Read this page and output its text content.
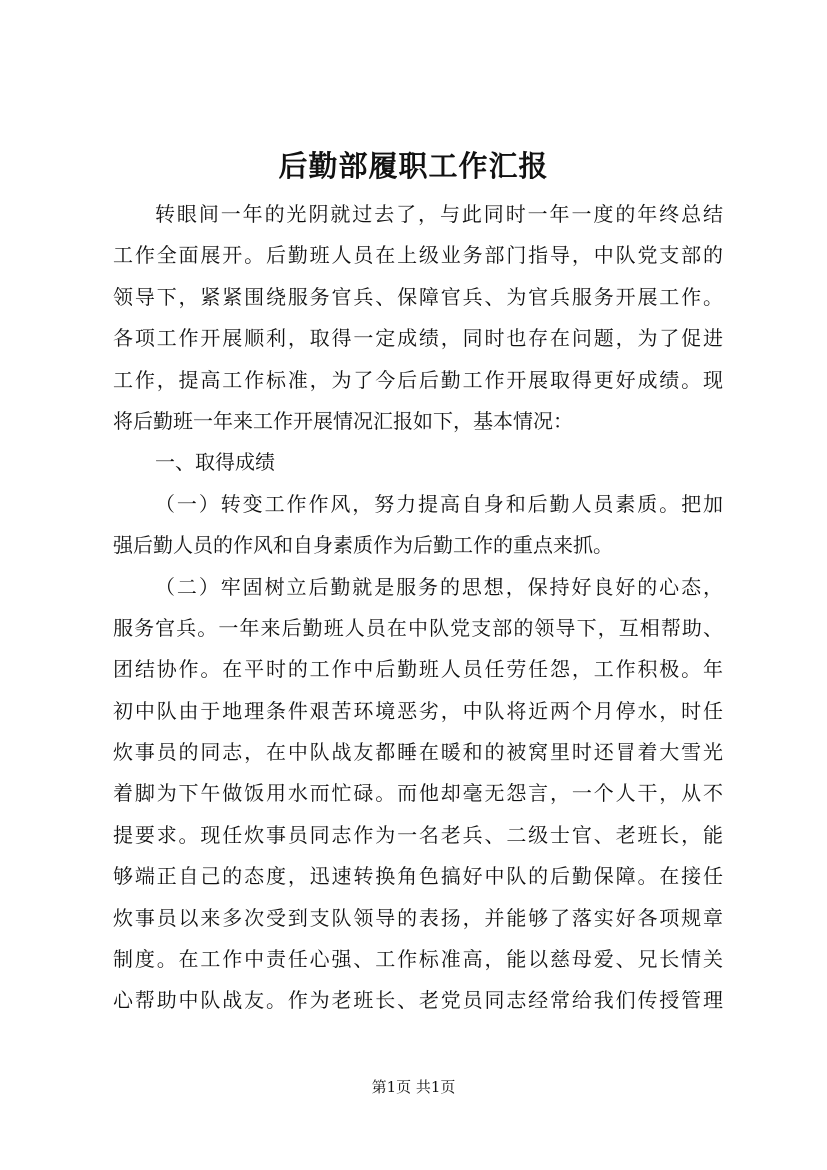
后勤部履职工作汇报
转眼间一年的光阴就过去了，与此同时一年一度的年终总结
工作全面展开。后勤班人员在上级业务部门指导，中队党支部的
领导下，紧紧围绕服务官兵、保障官兵、为官兵服务开展工作。
各项工作开展顺利，取得一定成绩，同时也存在问题，为了促进
工作，提高工作标准，为了今后后勤工作开展取得更好成绩。现
将后勤班一年来工作开展情况汇报如下，基本情况：
一、取得成绩
（一）转变工作作风，努力提高自身和后勤人员素质。把加
强后勤人员的作风和自身素质作为后勤工作的重点来抓。
（二）牢固树立后勤就是服务的思想，保持好良好的心态，
服务官兵。一年来后勤班人员在中队党支部的领导下，互相帮助、
团结协作。在平时的工作中后勤班人员任劳任怨，工作积极。年
初中队由于地理条件艰苦环境恶劣，中队将近两个月停水，时任
炊事员的同志，在中队战友都睡在暖和的被窝里时还冒着大雪光
着脚为下午做饭用水而忙碌。而他却毫无怨言，一个人干，从不
提要求。现任炊事员同志作为一名老兵、二级士官、老班长，能
够端正自己的态度，迅速转换角色搞好中队的后勤保障。在接任
炊事员以来多次受到支队领导的表扬，并能够了落实好各项规章
制度。在工作中责任心强、工作标准高，能以慈母爱、兄长情关
心帮助中队战友。作为老班长、老党员同志经常给我们传授管理
第1页 共1页
